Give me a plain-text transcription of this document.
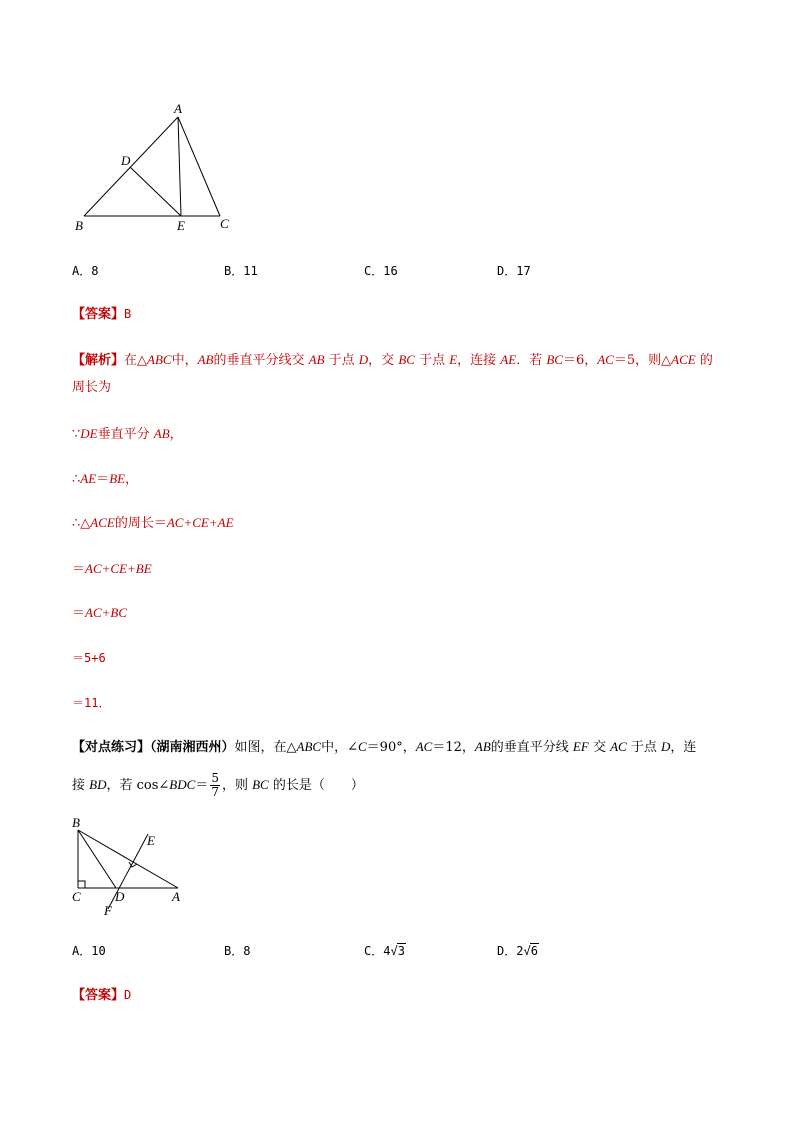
A
D
B	E	C
A．8	B．11	C．16	D．17
【答案】B
【解析】在△ABC中，AB的垂直平分线交 AB 于点 D，交 BC 于点 E，连接 AE．若 BC＝6，AC＝5，则△ACE 的
周长为
∵DE垂直平分 AB，
∴AE＝BE，
∴△ACE的周长＝AC+CE+AE
＝AC+CE+BE
＝AC+BC
＝5+6
＝11．
【对点练习】（湖南湘西州）如图，在△ABC中，∠C＝90°，AC＝12，AB的垂直平分线 EF 交 AC 于点 D，连
接 BD，若 cos∠BDC＝ $\frac{5}{7}$ ，则 BC 的长是（　　）
B
E
C	D	A
F
A．10	B．8	C．4√3	D．2√6
【答案】D
